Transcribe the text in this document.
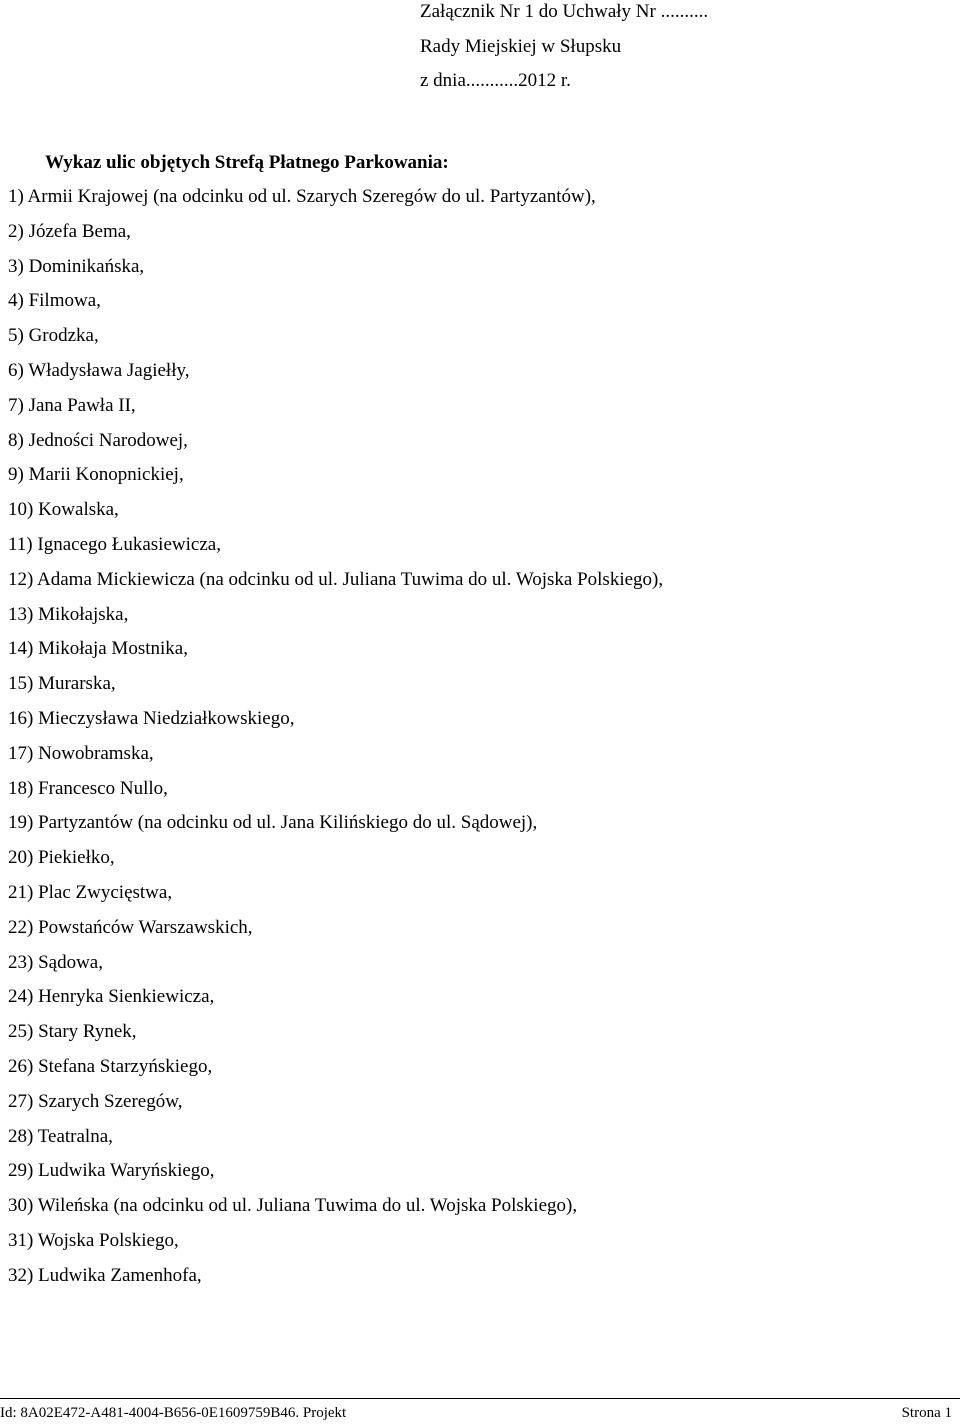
Załącznik Nr 1 do Uchwały Nr ..........
Rady Miejskiej w Słupsku
z dnia...........2012 r.
Wykaz ulic objętych Strefą Płatnego Parkowania:
1) Armii Krajowej (na odcinku od ul. Szarych Szeregów do ul. Partyzantów),
2) Józefa Bema,
3) Dominikańska,
4) Filmowa,
5) Grodzka,
6) Władysława Jagiełły,
7) Jana Pawła II,
8) Jedności Narodowej,
9) Marii Konopnickiej,
10) Kowalska,
11) Ignacego Łukasiewicza,
12) Adama Mickiewicza (na odcinku od ul. Juliana Tuwima do ul. Wojska Polskiego),
13) Mikołajska,
14) Mikołaja Mostnika,
15) Murarska,
16) Mieczysława Niedziałkowskiego,
17) Nowobramska,
18) Francesco Nullo,
19) Partyzantów (na odcinku od ul. Jana Kilińskiego do ul. Sądowej),
20) Piekiełko,
21) Plac Zwycięstwa,
22) Powstańców Warszawskich,
23) Sądowa,
24) Henryka Sienkiewicza,
25) Stary Rynek,
26) Stefana Starzyńskiego,
27) Szarych Szeregów,
28) Teatralna,
29) Ludwika Waryńskiego,
30) Wileńska (na odcinku od ul. Juliana Tuwima do ul. Wojska Polskiego),
31) Wojska Polskiego,
32) Ludwika Zamenhofa,
Id: 8A02E472-A481-4004-B656-0E1609759B46. Projekt	Strona 1
